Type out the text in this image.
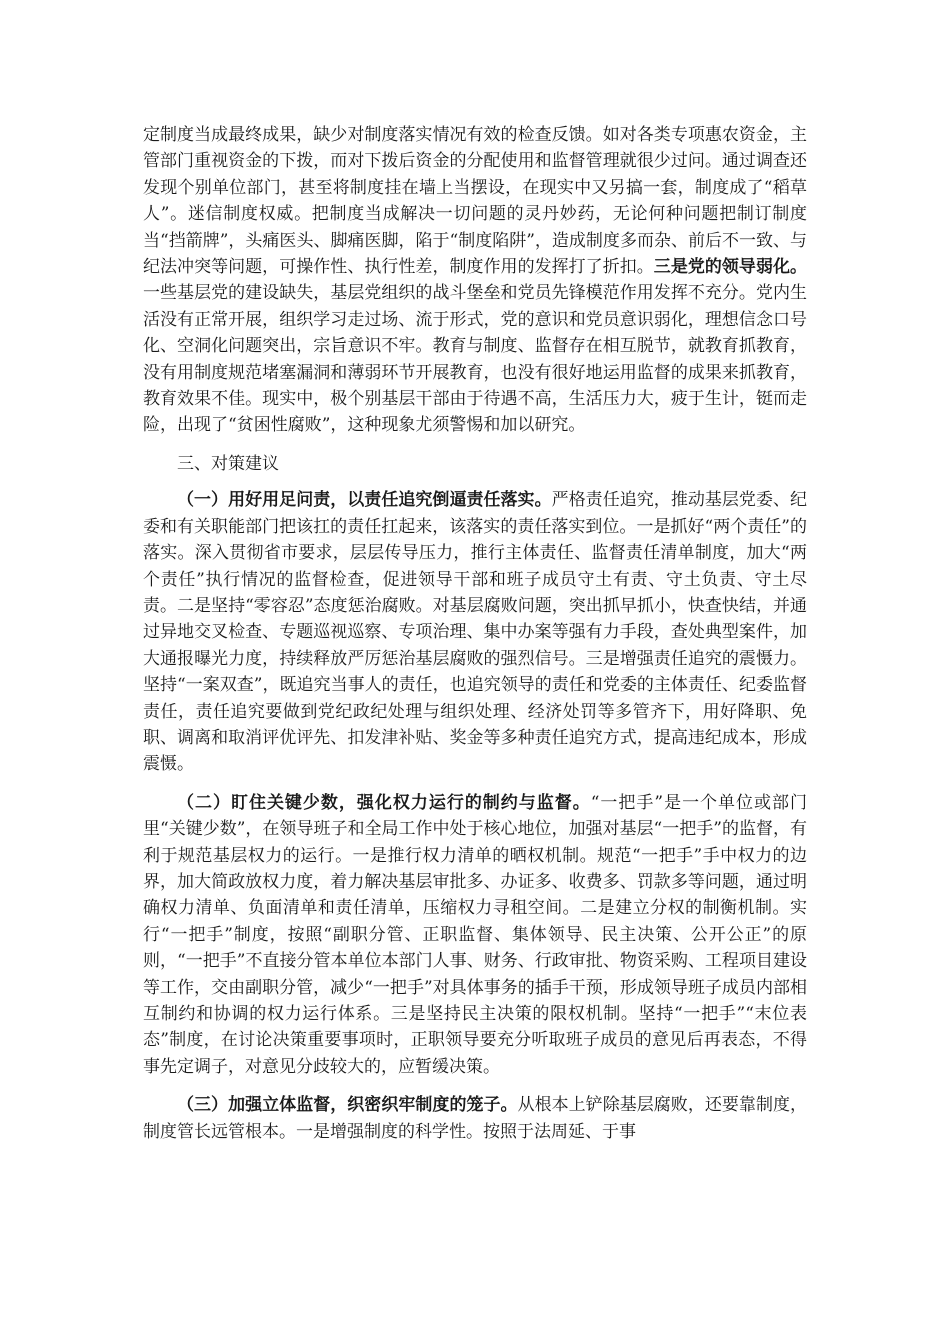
定制度当成最终成果，缺少对制度落实情况有效的检查反馈。如对各类专项惠农资金，主管部门重视资金的下拨，而对下拨后资金的分配使用和监督管理就很少过问。通过调查还发现个别单位部门，甚至将制度挂在墙上当摆设，在现实中又另搞一套，制度成了“稻草人”。迷信制度权威。把制度当成解决一切问题的灵丹妙药，无论何种问题把制订制度当“挡箭牌”，头痛医头、脚痛医脚，陷于“制度陷阱”，造成制度多而杂、前后不一致、与纪法冲突等问题，可操作性、执行性差，制度作用的发挥打了折扣。三是党的领导弱化。一些基层党的建设缺失，基层党组织的战斗堡垒和党员先锋模范作用发挥不充分。党内生活没有正常开展，组织学习走过场、流于形式，党的意识和党员意识弱化，理想信念口号化、空洞化问题突出，宗旨意识不牢。教育与制度、监督存在相互脱节，就教育抓教育，没有用制度规范堵塞漏洞和薄弱环节开展教育，也没有很好地运用监督的成果来抓教育，教育效果不佳。现实中，极个别基层干部由于待遇不高，生活压力大，疲于生计，铤而走险，出现了“贫困性腐败”，这种现象尤须警惕和加以研究。

三、对策建议

（一）用好用足问责，以责任追究倒逼责任落实。严格责任追究，推动基层党委、纪委和有关职能部门把该扛的责任扛起来，该落实的责任落实到位。一是抓好“两个责任”的落实。深入贯彻省市要求，层层传导压力，推行主体责任、监督责任清单制度，加大“两个责任”执行情况的监督检查，促进领导干部和班子成员守土有责、守土负责、守土尽责。二是坚持“零容忍”态度惩治腐败。对基层腐败问题，突出抓早抓小，快查快结，并通过异地交叉检查、专题巡视巡察、专项治理、集中办案等强有力手段，查处典型案件，加大通报曝光力度，持续释放严厉惩治基层腐败的强烈信号。三是增强责任追究的震慑力。坚持“一案双查”，既追究当事人的责任，也追究领导的责任和党委的主体责任、纪委监督责任，责任追究要做到党纪政纪处理与组织处理、经济处罚等多管齐下，用好降职、免职、调离和取消评优评先、扣发津补贴、奖金等多种责任追究方式，提高违纪成本，形成震慑。

（二）盯住关键少数，强化权力运行的制约与监督。“一把手”是一个单位或部门里“关键少数”，在领导班子和全局工作中处于核心地位，加强对基层“一把手”的监督，有利于规范基层权力的运行。一是推行权力清单的晒权机制。规范“一把手”手中权力的边界，加大简政放权力度，着力解决基层审批多、办证多、收费多、罚款多等问题，通过明确权力清单、负面清单和责任清单，压缩权力寻租空间。二是建立分权的制衡机制。实行“一把手”制度，按照“副职分管、正职监督、集体领导、民主决策、公开公正”的原则，“一把手”不直接分管本单位本部门人事、财务、行政审批、物资采购、工程项目建设等工作，交由副职分管，减少“一把手”对具体事务的插手干预，形成领导班子成员内部相互制约和协调的权力运行体系。三是坚持民主决策的限权机制。坚持“一把手”“末位表态”制度，在讨论决策重要事项时，正职领导要充分听取班子成员的意见后再表态，不得事先定调子，对意见分歧较大的，应暂缓决策。

（三）加强立体监督，织密织牢制度的笼子。从根本上铲除基层腐败，还要靠制度，制度管长远管根本。一是增强制度的科学性。按照于法周延、于事
